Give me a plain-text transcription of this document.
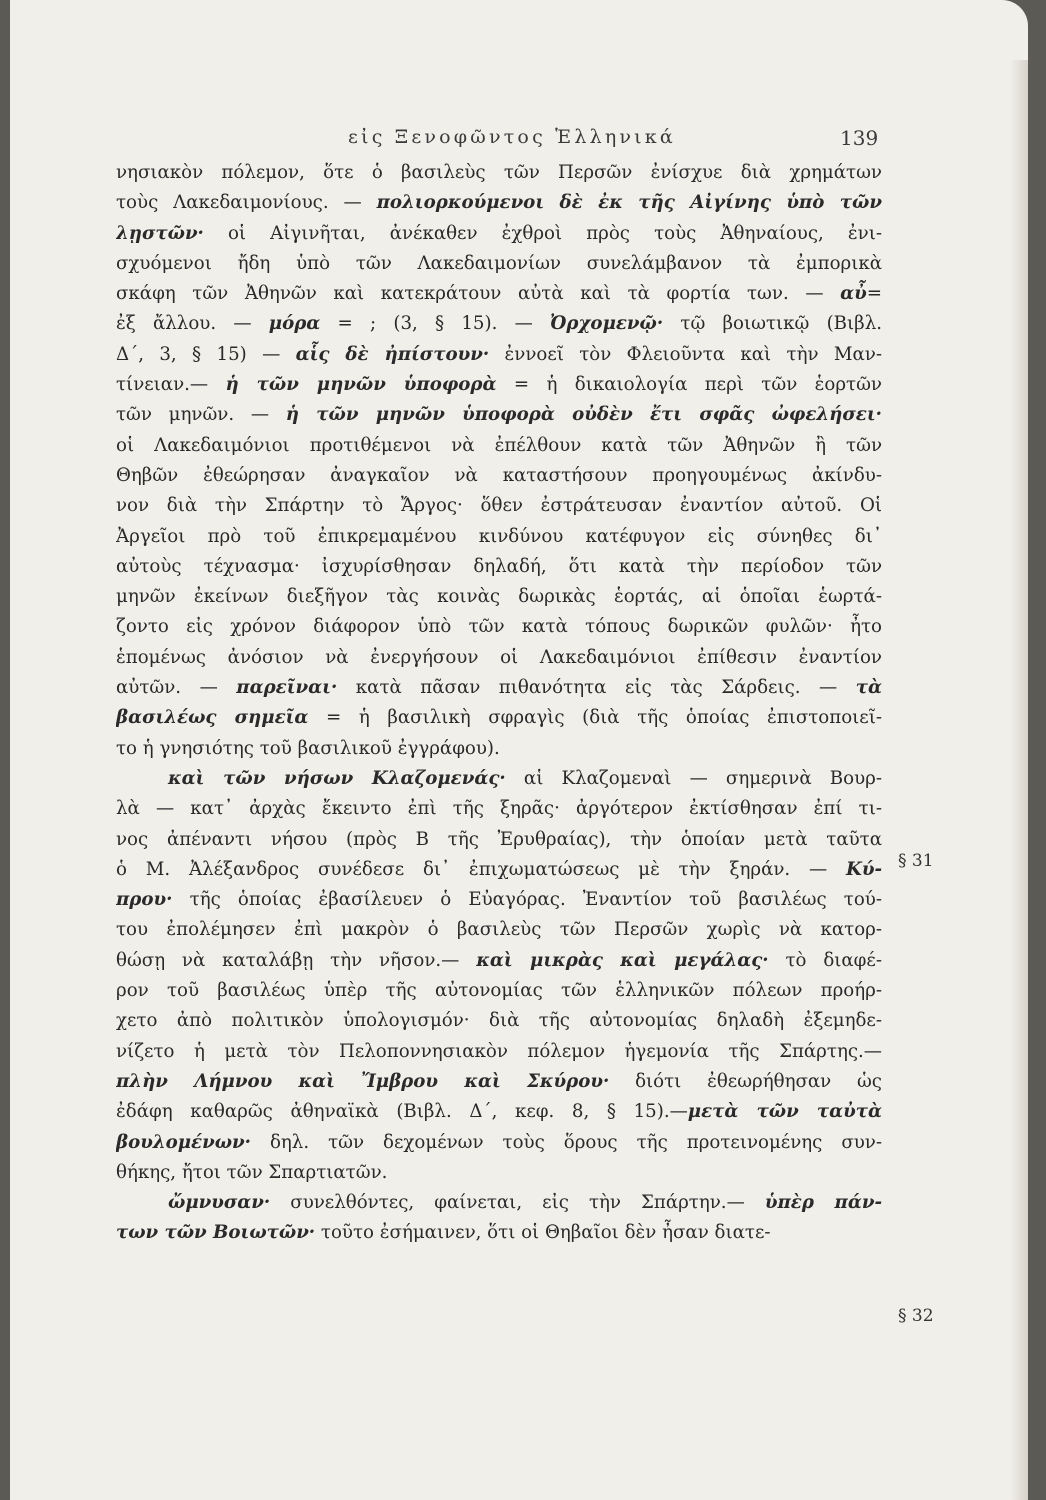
εἰς Ξενοφῶντος Ἑλληνικά	139
νησιακὸν πόλεμον, ὅτε ὁ βασιλεὺς τῶν Περσῶν ἐνίσχυε διὰ χρημάτων
τοὺς Λακεδαιμονίους. — πολιορκούμενοι δὲ ἐκ τῆς Αἰγίνης ὑπὸ τῶν
λῃστῶν· οἱ Αἰγινῆται, ἀνέκαθεν ἐχθροὶ πρὸς τοὺς Ἀθηναίους, ἐνι-
σχυόμενοι ἤδη ὑπὸ τῶν Λακεδαιμονίων συνελάμβανον τὰ ἐμπορικὰ
σκάφη τῶν Ἀθηνῶν καὶ κατεκράτουν αὐτὰ καὶ τὰ φορτία των. — αὖ=
ἐξ ἄλλου. — μόρα = ; (3, § 15). — Ὀρχομενῷ· τῷ βοιωτικῷ (Βιβλ.
Δ΄, 3, § 15) — αἷς δὲ ἠπίστουν· ἐννοεῖ τὸν Φλειοῦντα καὶ τὴν Μαν-
τίνειαν.— ἡ τῶν μηνῶν ὑποφορὰ = ἡ δικαιολογία περὶ τῶν ἑορτῶν
τῶν μηνῶν. — ἡ τῶν μηνῶν ὑποφορὰ οὐδὲν ἔτι σφᾶς ὠφελήσει·
οἱ Λακεδαιμόνιοι προτιθέμενοι νὰ ἐπέλθουν κατὰ τῶν Ἀθηνῶν ἢ τῶν
Θηβῶν ἐθεώρησαν ἀναγκαῖον νὰ καταστήσουν προηγουμένως ἀκίνδυ-
νον διὰ τὴν Σπάρτην τὸ Ἄργος· ὅθεν ἐστράτευσαν ἐναντίον αὐτοῦ. Οἱ
Ἀργεῖοι πρὸ τοῦ ἐπικρεμαμένου κινδύνου κατέφυγον εἰς σύνηθες δι᾽
αὐτοὺς τέχνασμα· ἰσχυρίσθησαν δηλαδή, ὅτι κατὰ τὴν περίοδον τῶν
μηνῶν ἐκείνων διεξῆγον τὰς κοινὰς δωρικὰς ἑορτάς, αἱ ὁποῖαι ἑωρτά-
ζοντο εἰς χρόνον διάφορον ὑπὸ τῶν κατὰ τόπους δωρικῶν φυλῶν· ἦτο
ἑπομένως ἀνόσιον νὰ ἐνεργήσουν οἱ Λακεδαιμόνιοι ἐπίθεσιν ἐναντίον
αὐτῶν. — παρεῖναι· κατὰ πᾶσαν πιθανότητα εἰς τὰς Σάρδεις. — τὰ
βασιλέως σημεῖα = ἡ βασιλικὴ σφραγὶς (διὰ τῆς ὁποίας ἐπιστοποιεῖ-
το ἡ γνησιότης τοῦ βασιλικοῦ ἐγγράφου).
καὶ τῶν νήσων Κλαζομενάς· αἱ Κλαζομεναὶ — σημερινὰ Βουρ-
λὰ — κατ᾽ ἀρχὰς ἔκειντο ἐπὶ τῆς ξηρᾶς· ἀργότερον ἐκτίσθησαν ἐπί τι-
νος ἀπέναντι νήσου (πρὸς Β τῆς Ἐρυθραίας), τὴν ὁποίαν μετὰ ταῦτα
ὁ Μ. Ἀλέξανδρος συνέδεσε δι᾽ ἐπιχωματώσεως μὲ τὴν ξηράν. — Κύ-
πρου· τῆς ὁποίας ἐβασίλευεν ὁ Εὐαγόρας. Ἐναντίον τοῦ βασιλέως τού-
του ἐπολέμησεν ἐπὶ μακρὸν ὁ βασιλεὺς τῶν Περσῶν χωρὶς νὰ κατορ-
θώσῃ νὰ καταλάβῃ τὴν νῆσον.— καὶ μικρὰς καὶ μεγάλας· τὸ διαφέ-
ρον τοῦ βασιλέως ὑπὲρ τῆς αὐτονομίας τῶν ἑλληνικῶν πόλεων προήρ-
χετο ἀπὸ πολιτικὸν ὑπολογισμόν· διὰ τῆς αὐτονομίας δηλαδὴ ἐξεμηδε-
νίζετο ἡ μετὰ τὸν Πελοποννησιακὸν πόλεμον ἡγεμονία τῆς Σπάρτης.—
πλὴν Λήμνου καὶ Ἴμβρου καὶ Σκύρου· διότι ἐθεωρήθησαν ὡς
ἐδάφη καθαρῶς ἀθηναϊκὰ (Βιβλ. Δ΄, κεφ. 8, § 15).—μετὰ τῶν ταὐτὰ
βουλομένων· δηλ. τῶν δεχομένων τοὺς ὅρους τῆς προτεινομένης συν-
θήκης, ἤτοι τῶν Σπαρτιατῶν.
ὤμνυσαν· συνελθόντες, φαίνεται, εἰς τὴν Σπάρτην.— ὑπὲρ πάν-
των τῶν Βοιωτῶν· τοῦτο ἐσήμαινεν, ὅτι οἱ Θηβαῖοι δὲν ἦσαν διατε-
§ 31
§ 32
